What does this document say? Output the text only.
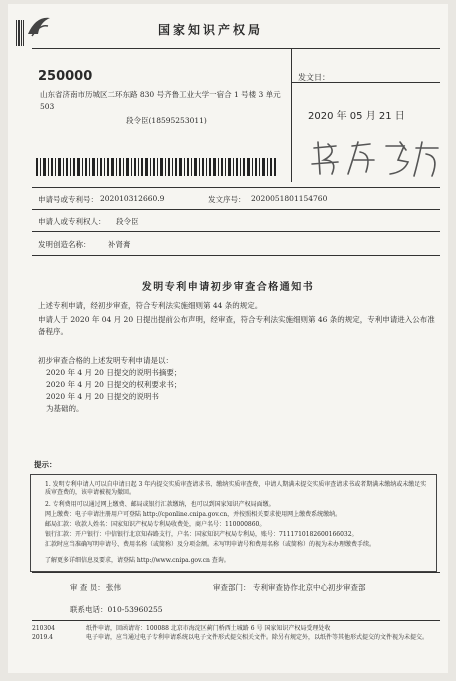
国家知识产权局
250000
山东省济南市历城区二环东路 830 号齐鲁工业大学一宿合 1 号楼 3 单元 503
段令臣(18595253011)
发文日：
2020 年 05 月 21 日
申请号或专利号： 202010312660.9	发文序号： 2020051801154760
申请人或专利权人： 段令臣
发明创造名称： 补肾膏
发明专利申请初步审查合格通知书
上述专利申请，经初步审查，符合专利法实施细则第 44 条的规定。
申请人于 2020 年 04 月 20 日提出提前公布声明，经审查，符合专利法实施细则第 46 条的规定，专利申请进入公布准备程序。
初步审查合格的上述发明专利申请是以：
2020 年 4 月 20 日提交的说明书摘要；
2020 年 4 月 20 日提交的权利要求书；
2020 年 4 月 20 日提交的说明书
为基础的。
提示：
1. 发明专利申请人可以自申请日起 3 年内提交实质审查请求书、缴纳实质审查费，申请人期满未提交实质审查请求书或者期满未缴纳或未缴足实质审查费的，该申请被视为撤回。
2. 专利费用可以通过网上缴费、邮局或银行汇款缴纳，也可以到国家知识产权局面缴。
网上缴费：电子申请注册用户可登陆 http://cponline.cnipa.gov.cn，并按照相关要求使用网上缴费系统缴纳。
邮局汇款：收款人姓名：国家知识产权局专利局收费处，商户名号：110000860。
银行汇款：开户银行：中信银行北京知春路支行，户名：国家知识产权局专利局，账号：7111710182600166032。
汇款时应当准确写明申请号、费用名称（或简称）及分项金额。未写明申请号和费用名称（或简称）的视为未办理缴费手续。
了解更多详细信息及要求，请登陆 http://www.cnipa.gov.cn 查询。
审 查 员： 张伟	审查部门： 专利审查协作北京中心初步审查部
联系电话：010-53960255
210304
2019.4
纸件申请，回函请寄：100088 北京市海淀区蓟门桥西土城路 6 号 国家知识产权局受理处收
电子申请，应当通过电子专利申请系统以电子文件形式提交相关文件。除另有规定外，以纸件等其他形式提交的文件视为未提交。
